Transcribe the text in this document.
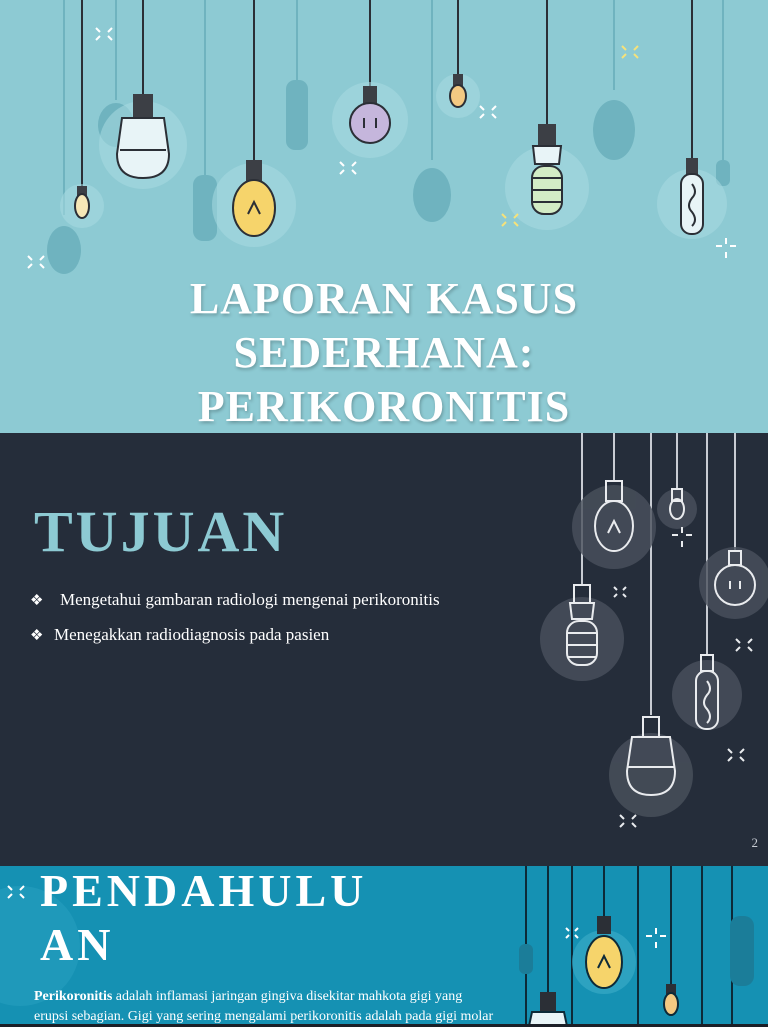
LAPORAN KASUS
SEDERHANA:
PERIKORONITIS
TUJUAN
❖ Mengetahui gambaran radiologi mengenai perikoronitis
❖ Menegakkan radiodiagnosis pada pasien
2
PENDAHULU
AN
Perikoronitis adalah inflamasi jaringan gingiva disekitar mahkota gigi yang
erupsi sebagian. Gigi yang sering mengalami perikoronitis adalah pada gigi molar
